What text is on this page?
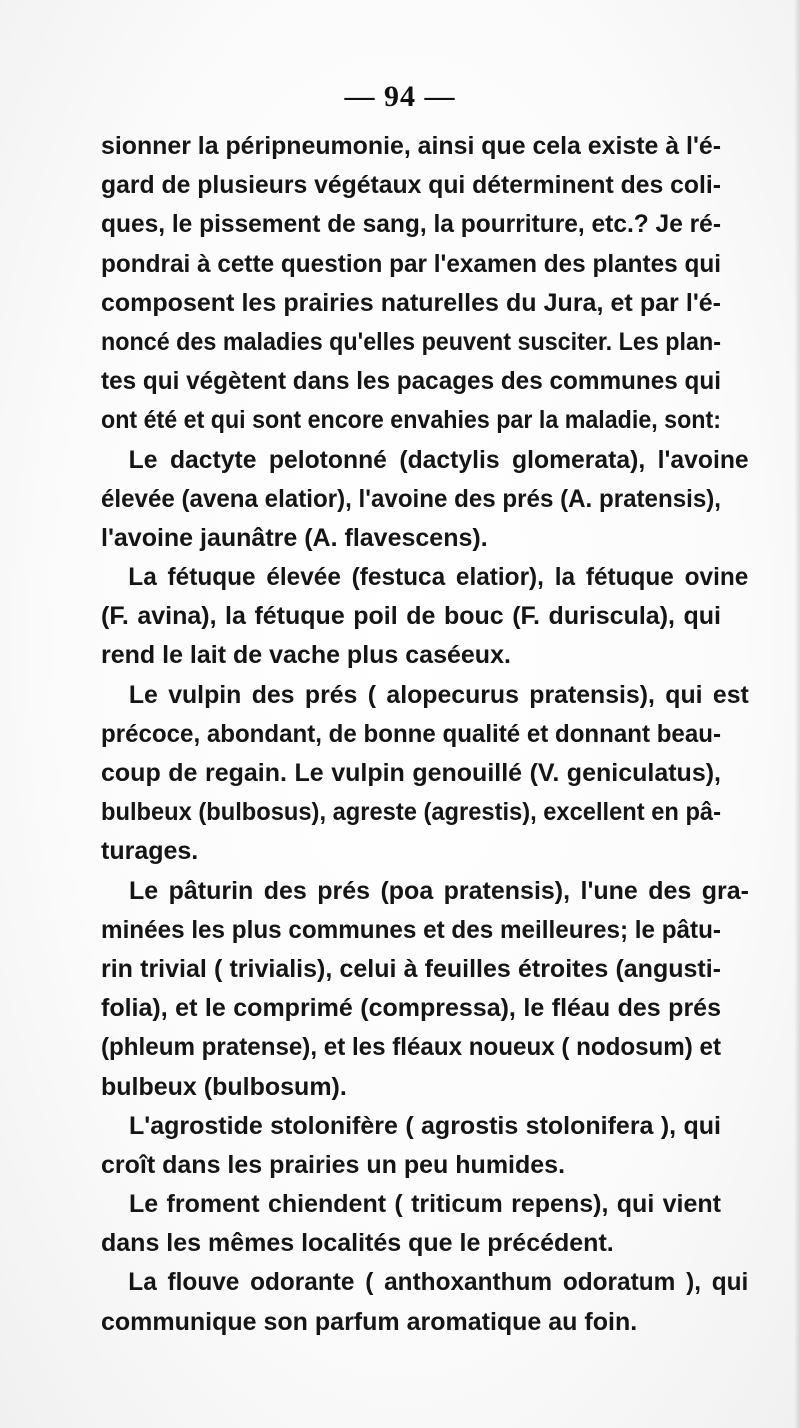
— 94 —
sionner la péripneumonie, ainsi que cela existe à l'é-
gard de plusieurs végétaux qui déterminent des coli-
ques, le pissement de sang, la pourriture, etc.? Je ré-
pondrai à cette question par l'examen des plantes qui
composent les prairies naturelles du Jura, et par l'é-
noncé des maladies qu'elles peuvent susciter. Les plan-
tes qui végètent dans les pacages des communes qui
ont été et qui sont encore envahies par la maladie, sont:
Le dactyte pelotonné (dactylis glomerata), l'avoine
élevée (avena elatior), l'avoine des prés (A. pratensis),
l'avoine jaunâtre (A. flavescens).
La fétuque élevée (festuca elatior), la fétuque ovine
(F. avina), la fétuque poil de bouc (F. duriscula), qui
rend le lait de vache plus caséeux.
Le vulpin des prés ( alopecurus pratensis), qui est
précoce, abondant, de bonne qualité et donnant beau-
coup de regain. Le vulpin genouillé (V. geniculatus),
bulbeux (bulbosus), agreste (agrestis), excellent en pâ-
turages.
Le pâturin des prés (poa pratensis), l'une des gra-
minées les plus communes et des meilleures; le pâtu-
rin trivial ( trivialis), celui à feuilles étroites (angusti-
folia), et le comprimé (compressa), le fléau des prés
(phleum pratense), et les fléaux noueux ( nodosum) et
bulbeux (bulbosum).
L'agrostide stolonifère ( agrostis stolonifera ), qui
croît dans les prairies un peu humides.
Le froment chiendent ( triticum repens), qui vient
dans les mêmes localités que le précédent.
La flouve odorante ( anthoxanthum odoratum ), qui
communique son parfum aromatique au foin.
